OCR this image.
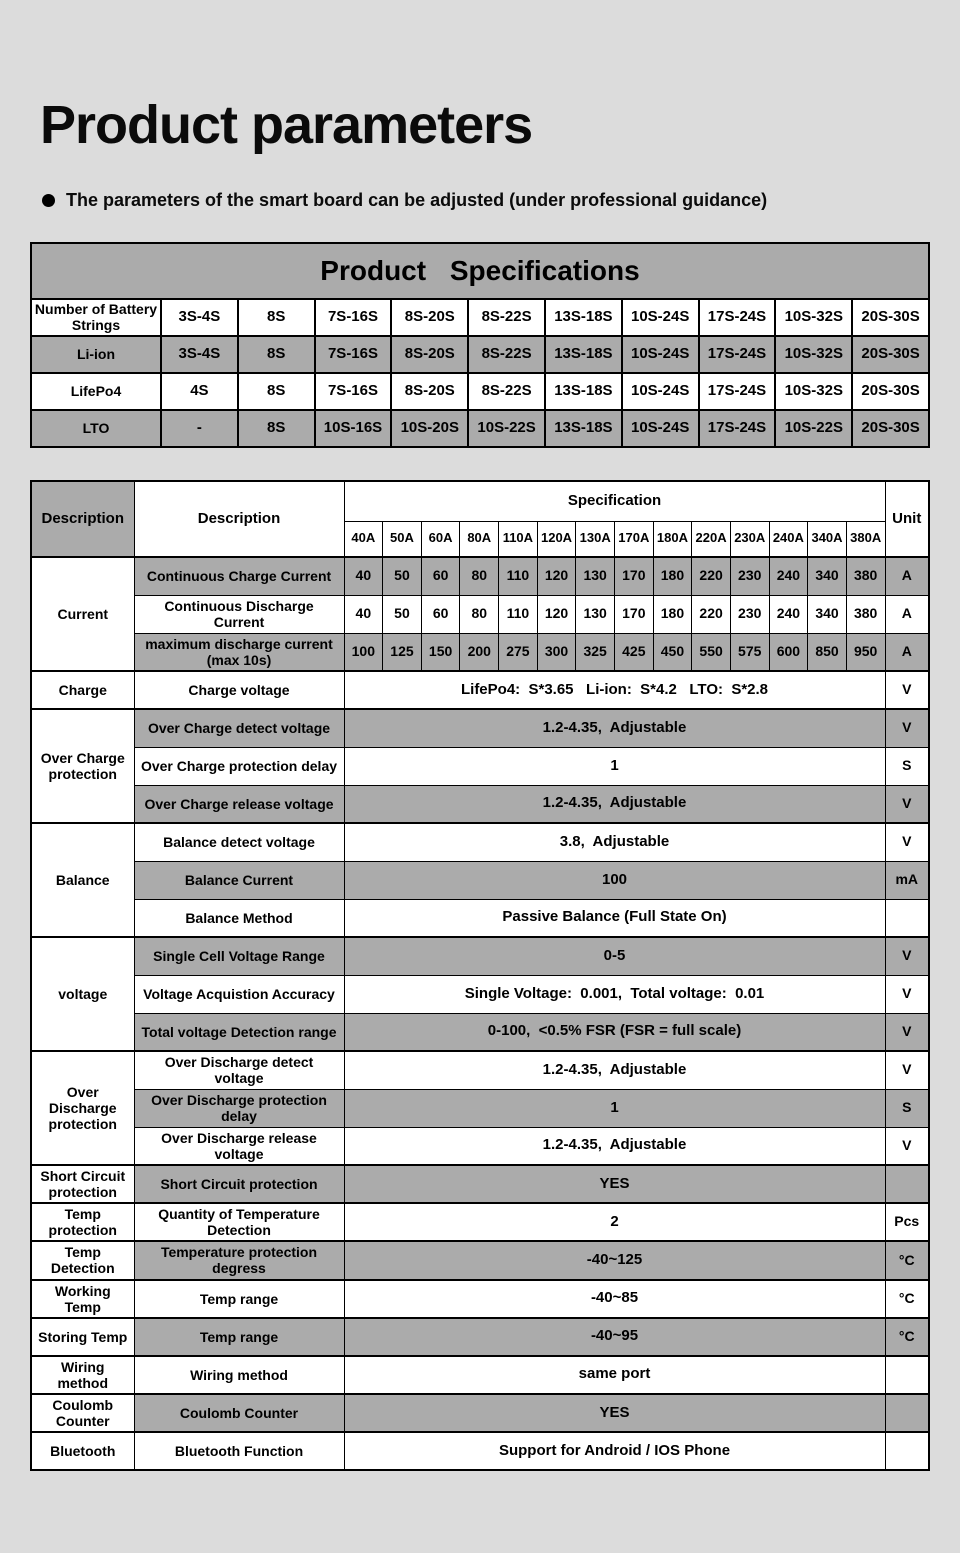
Product parameters
The parameters of the smart board can be adjusted (under professional guidance)
Product Specifications										
Number of Battery Strings	3S-4S	8S	7S-16S	8S-20S	8S-22S	13S-18S	10S-24S	17S-24S	10S-32S	20S-30S
Li-ion	3S-4S	8S	7S-16S	8S-20S	8S-22S	13S-18S	10S-24S	17S-24S	10S-32S	20S-30S
LifePo4	4S	8S	7S-16S	8S-20S	8S-22S	13S-18S	10S-24S	17S-24S	10S-32S	20S-30S
LTO	-	8S	10S-16S	10S-20S	10S-22S	13S-18S	10S-24S	17S-24S	10S-22S	20S-30S
Description	Description	Specification														Unit
		40A	50A	60A	80A	110A	120A	130A	170A	180A	220A	230A	240A	340A	380A	
Current	Continuous Charge Current	40	50	60	80	110	120	130	170	180	220	230	240	340	380	A
	Continuous Discharge Current	40	50	60	80	110	120	130	170	180	220	230	240	340	380	A
	maximum discharge current (max 10s)	100	125	150	200	275	300	325	425	450	550	575	600	850	950	A
Charge	Charge voltage	LifePo4:  S*3.65   Li-ion:  S*4.2   LTO:  S*2.8														V
Over Charge protection	Over Charge detect voltage	1.2-4.35,  Adjustable														V
	Over Charge protection delay	1														S
	Over Charge release voltage	1.2-4.35,  Adjustable														V
Balance	Balance detect voltage	3.8,  Adjustable														V
	Balance Current	100														mA
	Balance Method	Passive Balance (Full State On)														
voltage	Single Cell Voltage Range	0-5														V
	Voltage Acquistion Accuracy	Single Voltage:  0.001,  Total voltage:  0.01														V
	Total voltage Detection range	0-100,  <0.5% FSR (FSR = full scale)														V
Over Discharge protection	Over Discharge detect voltage	1.2-4.35,  Adjustable														V
	Over Discharge protection delay	1														S
	Over Discharge release voltage	1.2-4.35,  Adjustable														V
Short Circuit protection	Short Circuit protection	YES														
Temp protection	Quantity of Temperature Detection	2														Pcs
Temp Detection	Temperature protection degress	-40~125														°C
Working Temp	Temp range	-40~85														°C
Storing Temp	Temp range	-40~95														°C
Wiring method	Wiring method	same port														
Coulomb Counter	Coulomb Counter	YES														
Bluetooth	Bluetooth Function	Support for Android / IOS Phone														
